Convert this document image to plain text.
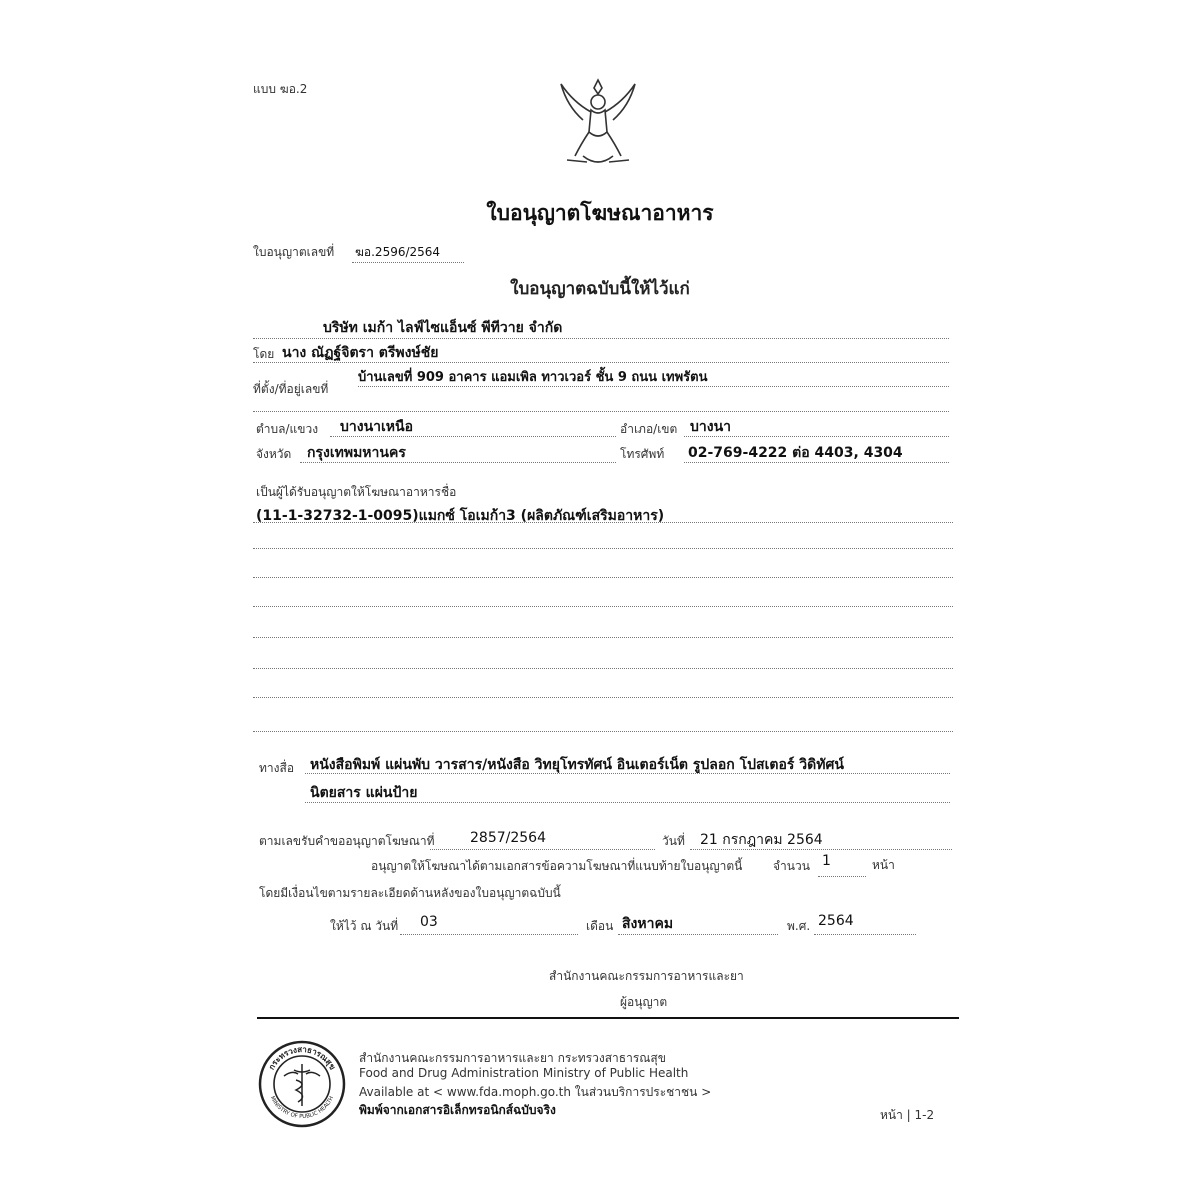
แบบ ฆอ.2
ใบอนุญาตโฆษณาอาหาร
ใบอนุญาตเลขที่ ฆอ.2596/2564
ใบอนุญาตฉบับนี้ให้ไว้แก่
บริษัท เมก้า ไลฟ์ไซแอ็นซ์ พีทีวาย จำกัด
โดย นาง ณัฏฐ์จิตรา ตรีพงษ์ชัย
ที่ตั้ง/ที่อยู่เลขที่
บ้านเลขที่ 909 อาคาร แอมเพิล ทาวเวอร์ ชั้น 9 ถนน เทพรัตน
ตำบล/แขวง บางนาเหนือ	อำเภอ/เขต บางนา
จังหวัด กรุงเทพมหานคร	โทรศัพท์ 02-769-4222 ต่อ 4403, 4304
เป็นผู้ได้รับอนุญาตให้โฆษณาอาหารชื่อ
(11-1-32732-1-0095)แมกซ์ โอเมก้า3 (ผลิตภัณฑ์เสริมอาหาร)
ทางสื่อ หนังสือพิมพ์ แผ่นพับ วารสาร/หนังสือ วิทยุโทรทัศน์ อินเตอร์เน็ต รูปลอก โปสเตอร์ วิดิทัศน์
นิตยสาร แผ่นป้าย
ตามเลขรับคำขออนุญาตโฆษณาที่	2857/2564	วันที่ 21 กรกฎาคม 2564
อนุญาตให้โฆษณาได้ตามเอกสารข้อความโฆษณาที่แนบท้ายใบอนุญาตนี้	จำนวน 1	หน้า
โดยมีเงื่อนไขตามรายละเอียดด้านหลังของใบอนุญาตฉบับนี้
ให้ไว้ ณ วันที่ 03	เดือน สิงหาคม	พ.ศ. 2564
สำนักงานคณะกรรมการอาหารและยา
ผู้อนุญาต
กระทรวงสาธารณสุข
MINISTRY OF PUBLIC HEALTH
สำนักงานคณะกรรมการอาหารและยา กระทรวงสาธารณสุข
Food and Drug Administration Ministry of Public Health
Available at < www.fda.moph.go.th ในส่วนบริการประชาชน >
พิมพ์จากเอกสารอิเล็กทรอนิกส์ฉบับจริง	หน้า | 1-2
